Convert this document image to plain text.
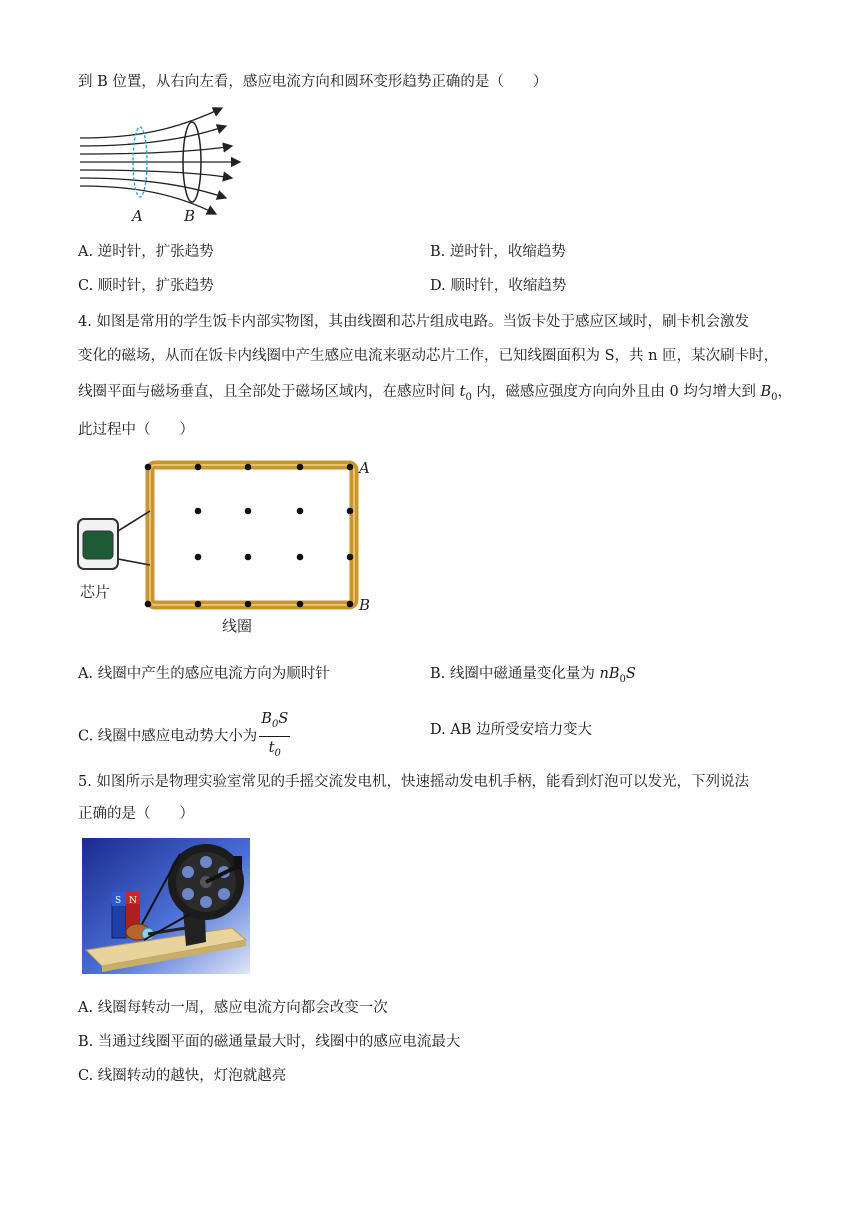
到 B 位置，从右向左看，感应电流方向和圆环变形趋势正确的是（　　）
A	B
A. 逆时针，扩张趋势	B. 逆时针，收缩趋势
C. 顺时针，扩张趋势	D. 顺时针，收缩趋势
4. 如图是常用的学生饭卡内部实物图，其由线圈和芯片组成电路。当饭卡处于感应区域时，刷卡机会激发
变化的磁场，从而在饭卡内线圈中产生感应电流来驱动芯片工作，已知线圈面积为 S，共 n 匝，某次刷卡时，
线圈平面与磁场垂直，且全部处于磁场区域内，在感应时间 $t_0$ 内，磁感应强度方向向外且由 0 均匀增大到 $B_0$，
此过程中（　　）
A
B
芯片
线圈
A. 线圈中产生的感应电流方向为顺时针	B. 线圈中磁通量变化量为 $nB_0S$
C. 线圈中感应电动势大小为 $\frac{B_0S}{t_0}$	D. AB 边所受安培力变大
5. 如图所示是物理实验室常见的手摇交流发电机，快速摇动发电机手柄，能看到灯泡可以发光，下列说法
正确的是（　　）
S N
A. 线圈每转动一周，感应电流方向都会改变一次
B. 当通过线圈平面的磁通量最大时，线圈中的感应电流最大
C. 线圈转动的越快，灯泡就越亮
